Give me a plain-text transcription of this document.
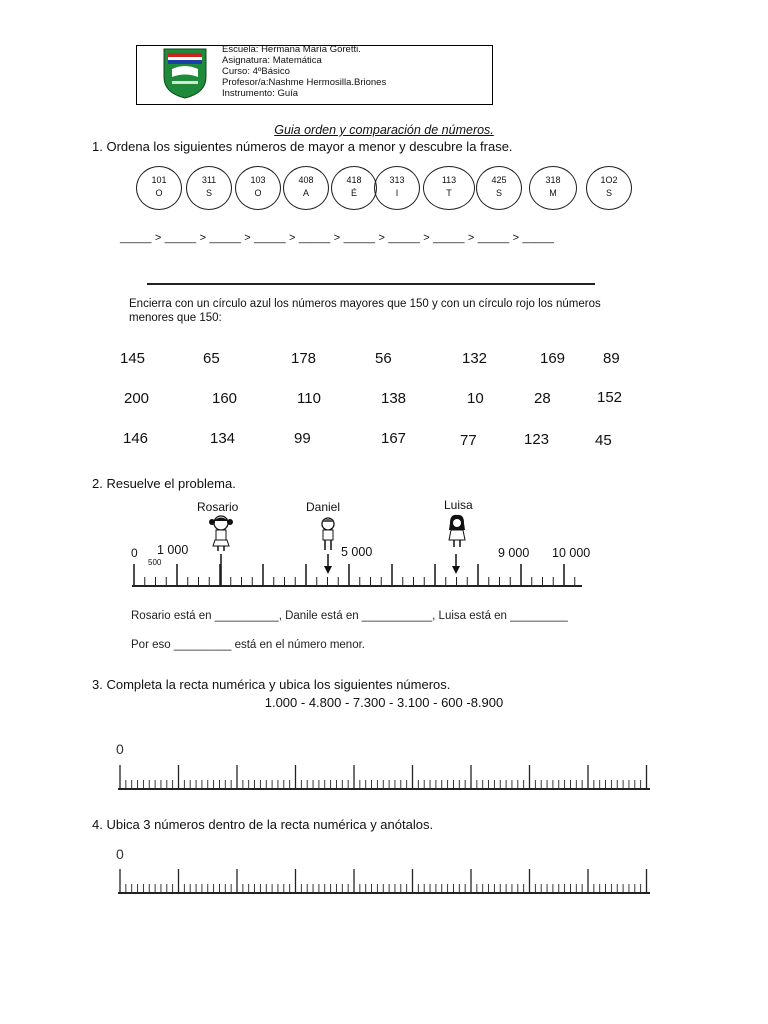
Escuela: Hermana María Goretti.
Asignatura: Matemática
Curso: 4ºBásico
Profesor/a:Nashme Hermosilla.Briones
Instrumento: Guía
Guia orden y comparación de números.
1. Ordena los siguientes números de mayor a menor y descubre la frase.
101
O
311
S
103
O
408
A
418
É
313
I
113
T
425
S
318
M
1O2
S
_____ > _____ > _____ > _____ > _____ > _____ > _____ > _____ > _____ > _____
Encierra con un círculo azul los números mayores que 150 y con un círculo rojo los números
menores que 150:
145	65	178	56	132	169	89
200	160	110	138	10	28	152
146	134	99	167	77	123	45
2. Resuelve el problema.
Rosario	Daniel	Luisa
0 1 000
500
5 000	9 000 10 000
Rosario está en __________, Danile está en ___________, Luisa está en _________
Por eso _________ está en el número menor.
3. Completa la recta numérica y ubica los siguientes números.
1.000 - 4.800 - 7.300 - 3.100 - 600 -8.900
0
4. Ubica 3 números dentro de la recta numérica y anótalos.
0
